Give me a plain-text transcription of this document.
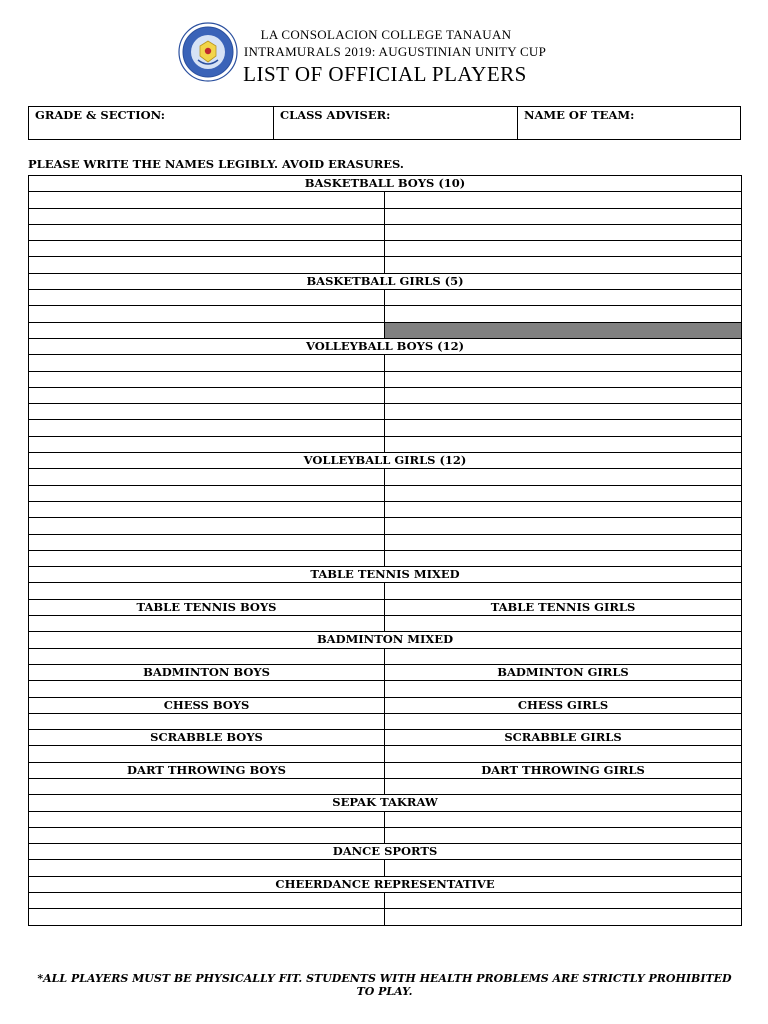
LA CONSOLACION COLLEGE TANAUAN
INTRAMURALS 2019: AUGUSTINIAN UNITY CUP
LIST OF OFFICIAL PLAYERS
GRADE & SECTION:	CLASS ADVISER:	NAME OF TEAM:
PLEASE WRITE THE NAMES LEGIBLY. AVOID ERASURES.
BASKETBALL BOYS (10)	

BASKETBALL GIRLS (5)	

VOLLEYBALL BOYS (12)	

VOLLEYBALL GIRLS (12)	

TABLE TENNIS MIXED	

TABLE TENNIS BOYS	TABLE TENNIS GIRLS

BADMINTON MIXED	

BADMINTON BOYS	BADMINTON GIRLS

CHESS BOYS	CHESS GIRLS

SCRABBLE BOYS	SCRABBLE GIRLS

DART THROWING BOYS	DART THROWING GIRLS

SEPAK TAKRAW	

DANCE SPORTS	

CHEERDANCE REPRESENTATIVE	

*ALL PLAYERS MUST BE PHYSICALLY FIT. STUDENTS WITH HEALTH PROBLEMS ARE STRICTLY PROHIBITED TO PLAY.
